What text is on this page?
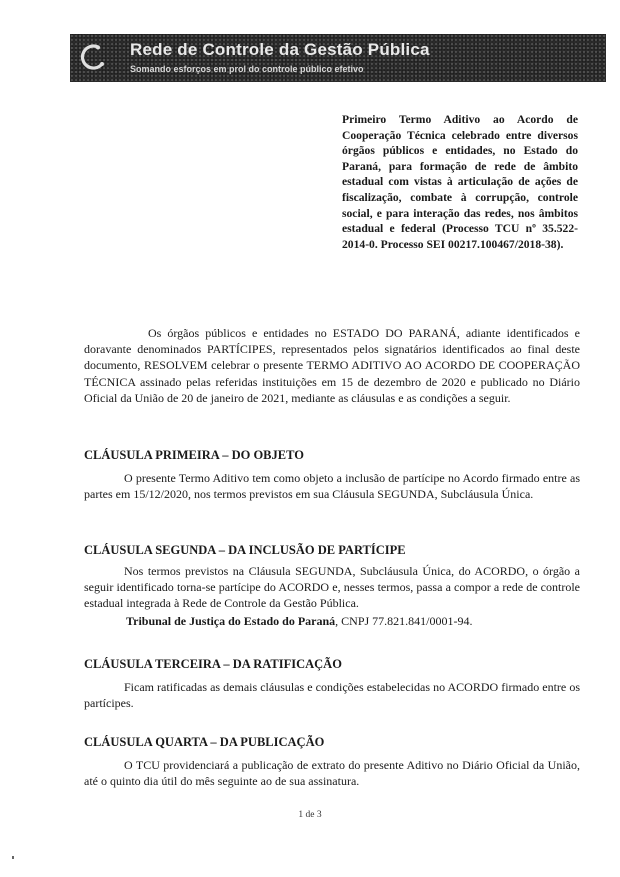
Rede de Controle da Gestão Pública
Somando esforços em prol do controle público efetivo
Primeiro Termo Aditivo ao Acordo de Cooperação Técnica celebrado entre diversos órgãos públicos e entidades, no Estado do Paraná, para formação de rede de âmbito estadual com vistas à articulação de ações de fiscalização, combate à corrupção, controle social, e para interação das redes, nos âmbitos estadual e federal (Processo TCU nº 35.522-2014-0. Processo SEI 00217.100467/2018-38).

Os órgãos públicos e entidades no ESTADO DO PARANÁ, adiante identificados e doravante denominados PARTÍCIPES, representados pelos signatários identificados ao final deste documento, RESOLVEM celebrar o presente TERMO ADITIVO AO ACORDO DE COOPERAÇÃO TÉCNICA assinado pelas referidas instituições em 15 de dezembro de 2020 e publicado no Diário Oficial da União de 20 de janeiro de 2021, mediante as cláusulas e as condições a seguir.

CLÁUSULA PRIMEIRA – DO OBJETO

O presente Termo Aditivo tem como objeto a inclusão de partícipe no Acordo firmado entre as partes em 15/12/2020, nos termos previstos em sua Cláusula SEGUNDA, Subcláusula Única.

CLÁUSULA SEGUNDA – DA INCLUSÃO DE PARTÍCIPE

Nos termos previstos na Cláusula SEGUNDA, Subcláusula Única, do ACORDO, o órgão a seguir identificado torna-se partícipe do ACORDO e, nesses termos, passa a compor a rede de controle estadual integrada à Rede de Controle da Gestão Pública.

Tribunal de Justiça do Estado do Paraná, CNPJ 77.821.841/0001-94.

CLÁUSULA TERCEIRA – DA RATIFICAÇÃO

Ficam ratificadas as demais cláusulas e condições estabelecidas no ACORDO firmado entre os partícipes.

CLÁUSULA QUARTA – DA PUBLICAÇÃO

O TCU providenciará a publicação de extrato do presente Aditivo no Diário Oficial da União, até o quinto dia útil do mês seguinte ao de sua assinatura.

1 de 3
